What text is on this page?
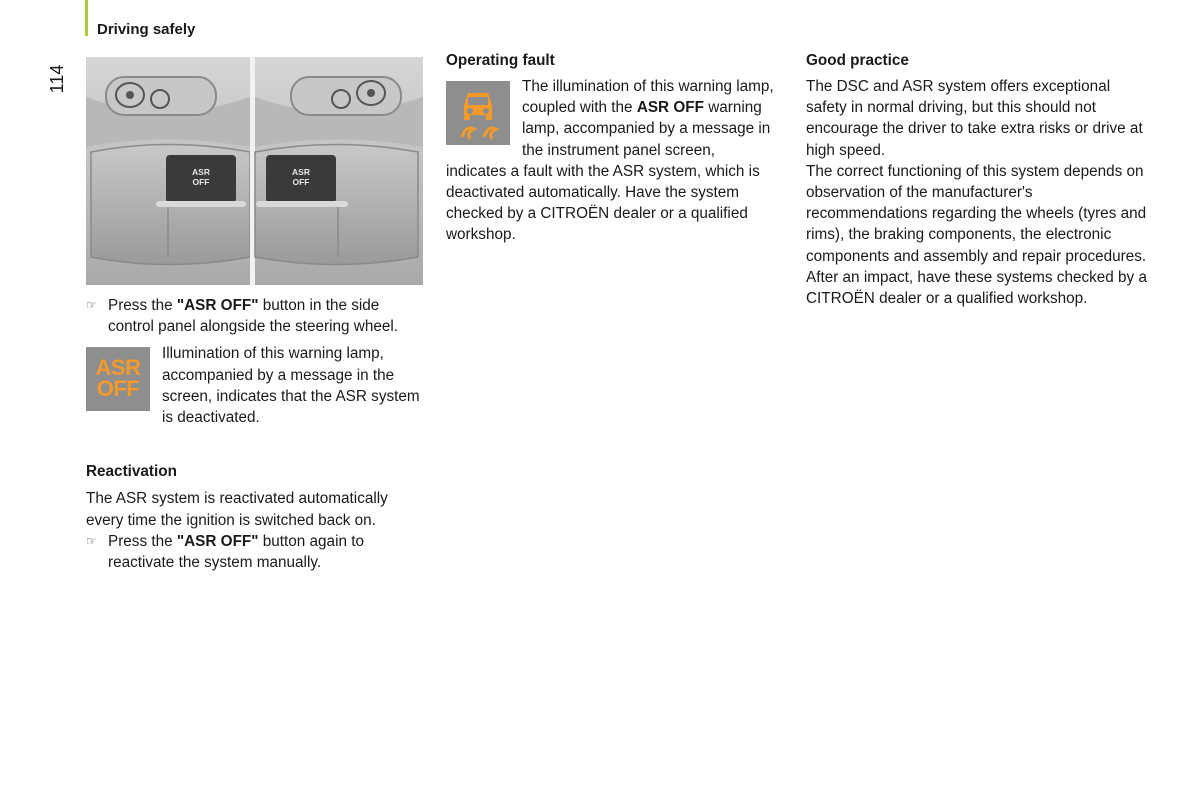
Driving safely
114
ASR
OFF
ASR
OFF

☞ Press the "ASR OFF" button in the side control panel alongside the steering wheel.

ASR
OFF

Illumination of this warning lamp, accompanied by a message in the screen, indicates that the ASR system is deactivated.

Reactivation

The ASR system is reactivated automatically every time the ignition is switched back on.

☞ Press the "ASR OFF" button again to reactivate the system manually.

Operating fault

The illumination of this warning lamp, coupled with the ASR OFF warning lamp, accompanied by a message in the instrument panel screen, indicates a fault with the ASR system, which is deactivated automatically. Have the system checked by a CITROËN dealer or a qualified workshop.

Good practice

The DSC and ASR system offers exceptional safety in normal driving, but this should not encourage the driver to take extra risks or drive at high speed.

The correct functioning of this system depends on observation of the manufacturer's recommendations regarding the wheels (tyres and rims), the braking components, the electronic components and assembly and repair procedures.

After an impact, have these systems checked by a CITROËN dealer or a qualified workshop.
